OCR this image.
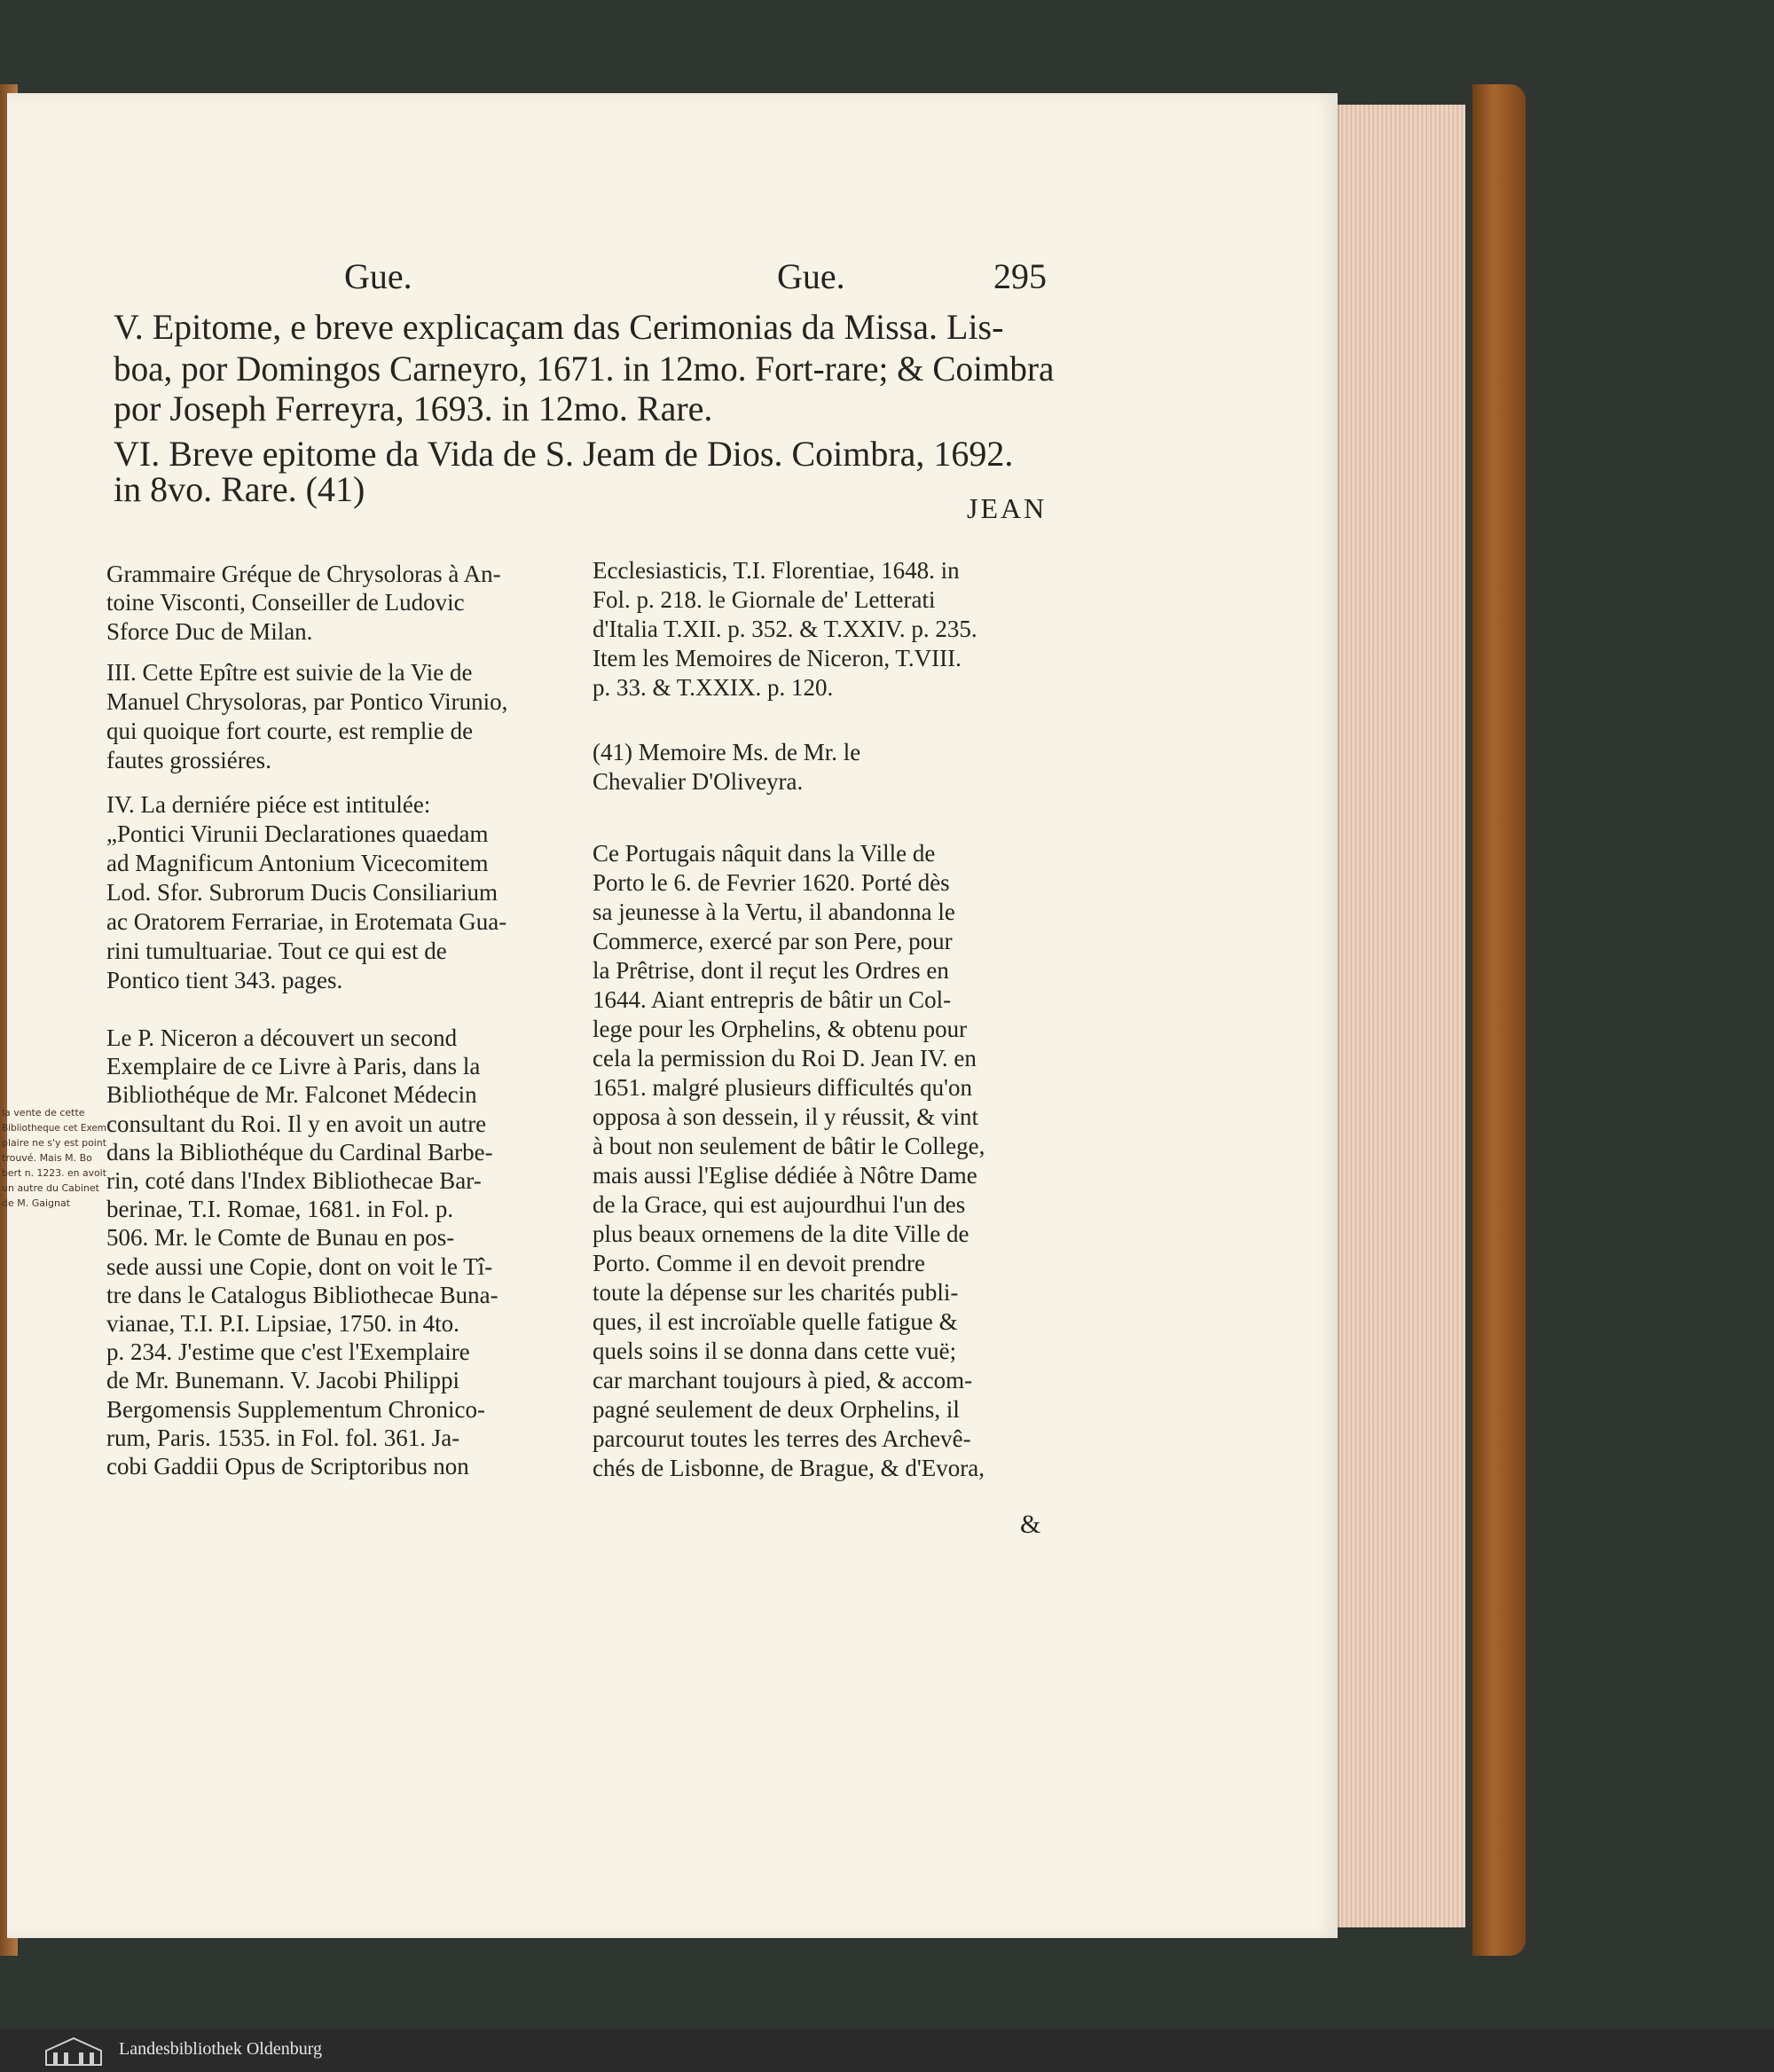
Gue.	Gue.	295
V. Epitome, e breve explicaçam das Cerimonias da Missa. Lis-
boa, por Domingos Carneyro, 1671. in 12mo. Fort-rare; & Coimbra
por Joseph Ferreyra, 1693. in 12mo. Rare.
VI. Breve epitome da Vida de S. Jeam de Dios. Coimbra, 1692.
in 8vo. Rare. (41)	JEAN
Grammaire Gréque de Chrysoloras à An-
toine Visconti, Conseiller de Ludovic
Sforce Duc de Milan.
III. Cette Epître est suivie de la Vie de
Manuel Chrysoloras, par Pontico Virunio,
qui quoique fort courte, est remplie de
fautes grossiéres.
IV. La derniére piéce est intitulée:
„Pontici Virunii Declarationes quaedam
ad Magnificum Antonium Vicecomitem
Lod. Sfor. Subrorum Ducis Consiliarium
ac Oratorem Ferrariae, in Erotemata Gua-
rini tumultuariae. Tout ce qui est de
Pontico tient 343. pages.
Le P. Niceron a découvert un second
Exemplaire de ce Livre à Paris, dans la
Bibliothéque de Mr. Falconet Médecin
consultant du Roi. Il y en avoit un autre
dans la Bibliothéque du Cardinal Barbe-
rin, coté dans l'Index Bibliothecae Bar-
berinae, T.I. Romae, 1681. in Fol. p.
506. Mr. le Comte de Bunau en pos-
sede aussi une Copie, dont on voit le Tî-
tre dans le Catalogus Bibliothecae Buna-
vianae, T.I. P.I. Lipsiae, 1750. in 4to.
p. 234. J'estime que c'est l'Exemplaire
de Mr. Bunemann. V. Jacobi Philippi
Bergomensis Supplementum Chronico-
rum, Paris. 1535. in Fol. fol. 361. Ja-
cobi Gaddii Opus de Scriptoribus non
Ecclesiasticis, T.I. Florentiae, 1648. in
Fol. p. 218. le Giornale de' Letterati
d'Italia T.XII. p. 352. & T.XXIV. p. 235.
Item les Memoires de Niceron, T.VIII.
p. 33. & T.XXIX. p. 120.
(41) Memoire Ms. de Mr. le
Chevalier D'Oliveyra.
Ce Portugais nâquit dans la Ville de
Porto le 6. de Fevrier 1620. Porté dès
sa jeunesse à la Vertu, il abandonna le
Commerce, exercé par son Pere, pour
la Prêtrise, dont il reçut les Ordres en
1644. Aiant entrepris de bâtir un Col-
lege pour les Orphelins, & obtenu pour
cela la permission du Roi D. Jean IV. en
1651. malgré plusieurs difficultés qu'on
opposa à son dessein, il y réussit, & vint
à bout non seulement de bâtir le College,
mais aussi l'Eglise dédiée à Nôtre Dame
de la Grace, qui est aujourdhui l'un des
plus beaux ornemens de la dite Ville de
Porto. Comme il en devoit prendre
toute la dépense sur les charités publi-
ques, il est incroïable quelle fatigue &
quels soins il se donna dans cette vuë;
car marchant toujours à pied, & accom-
pagné seulement de deux Orphelins, il
parcourut toutes les terres des Archevê-
chés de Lisbonne, de Brague, & d'Evora,
&
la vente de cette
Bibliotheque cet Exem
plaire ne s'y est point
trouvé. Mais M. Bo
bert n. 1223. en avoit
un autre du Cabinet
de M. Gaignat
Landesbibliothek Oldenburg
